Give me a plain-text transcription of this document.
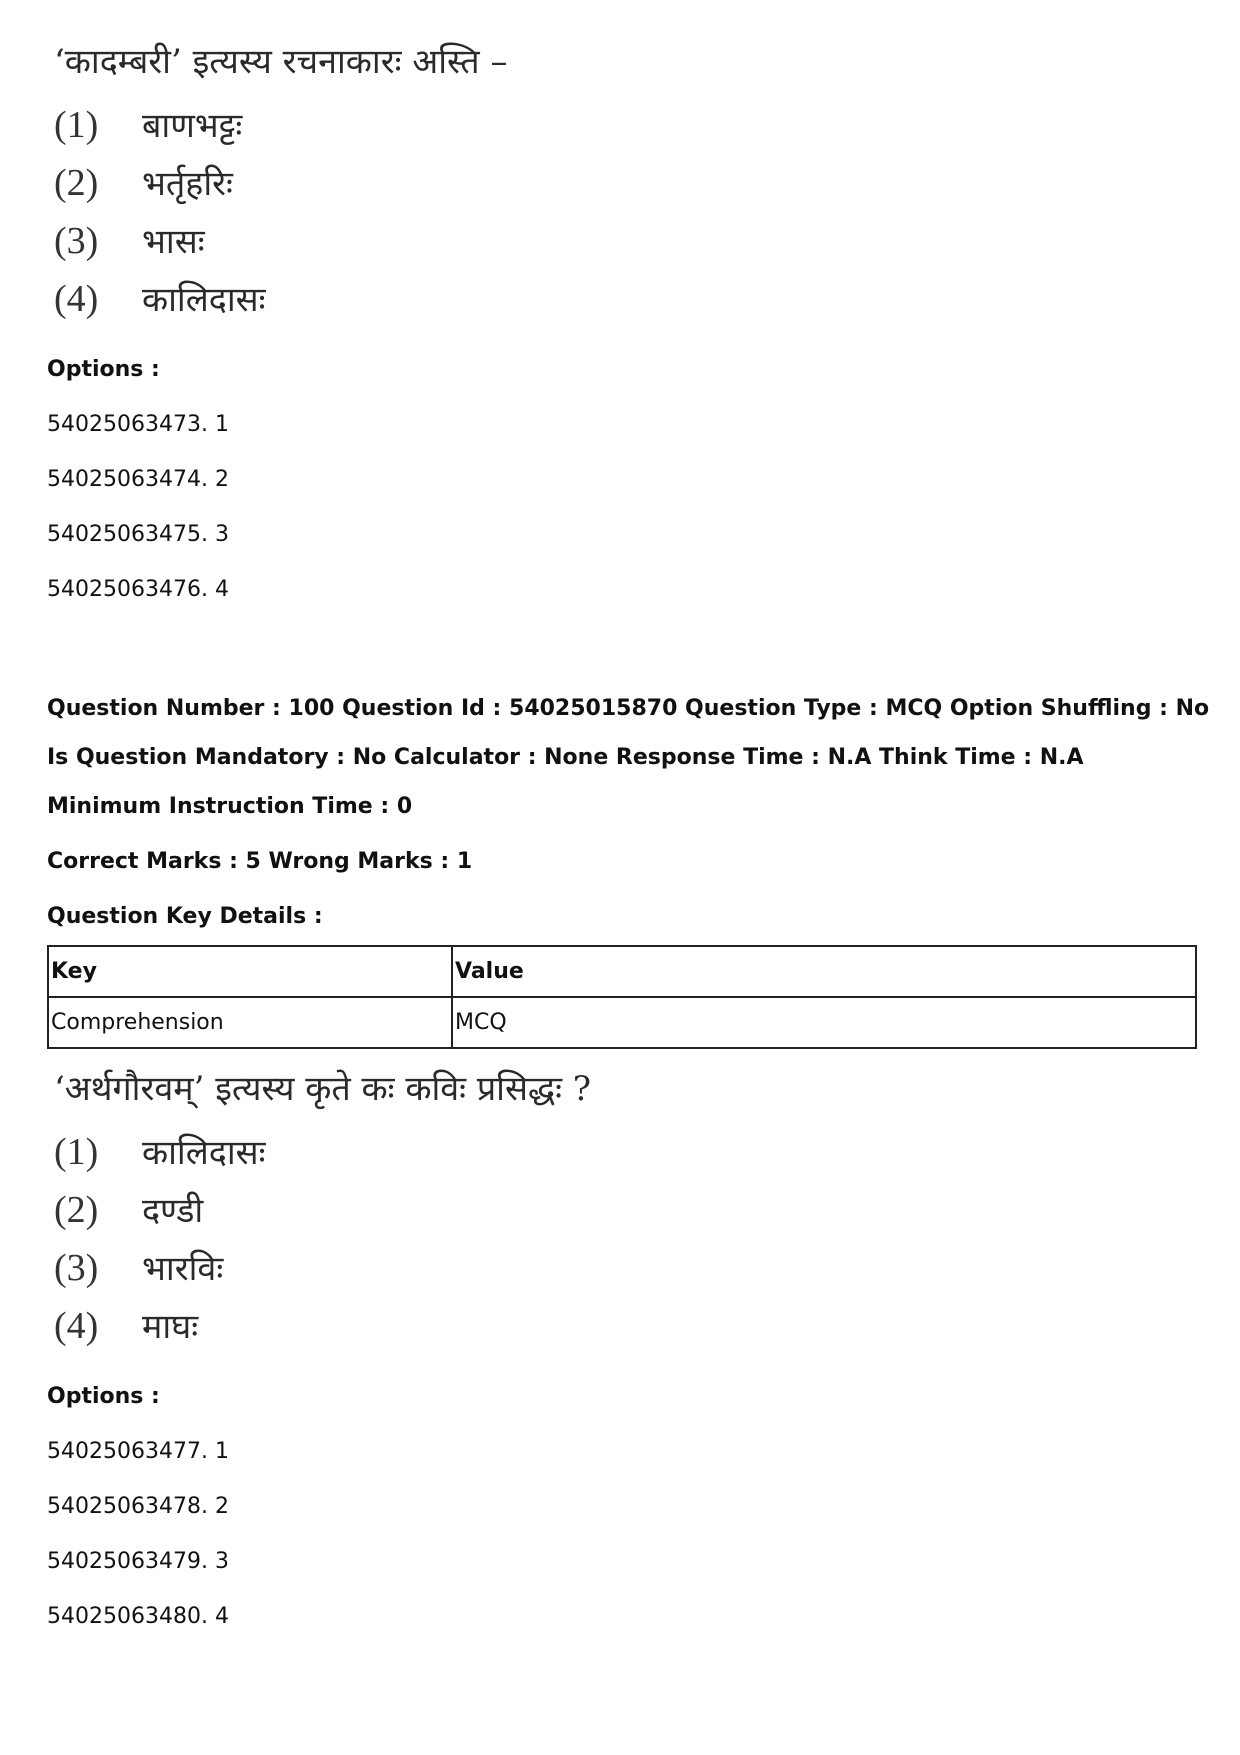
‘कादम्बरी’ इत्यस्य रचनाकारः अस्ति –
(1) बाणभट्टः
(2) भर्तृहरिः
(3) भासः
(4) कालिदासः
Options :
54025063473. 1
54025063474. 2
54025063475. 3
54025063476. 4
Question Number : 100 Question Id : 54025015870 Question Type : MCQ Option Shuffling : No
Is Question Mandatory : No Calculator : None Response Time : N.A Think Time : N.A
Minimum Instruction Time : 0
Correct Marks : 5 Wrong Marks : 1
Question Key Details :
Key	Value
Comprehension	MCQ
‘अर्थगौरवम्’ इत्यस्य कृते कः कविः प्रसिद्धः ?
(1) कालिदासः
(2) दण्डी
(3) भारविः
(4) माघः
Options :
54025063477. 1
54025063478. 2
54025063479. 3
54025063480. 4
